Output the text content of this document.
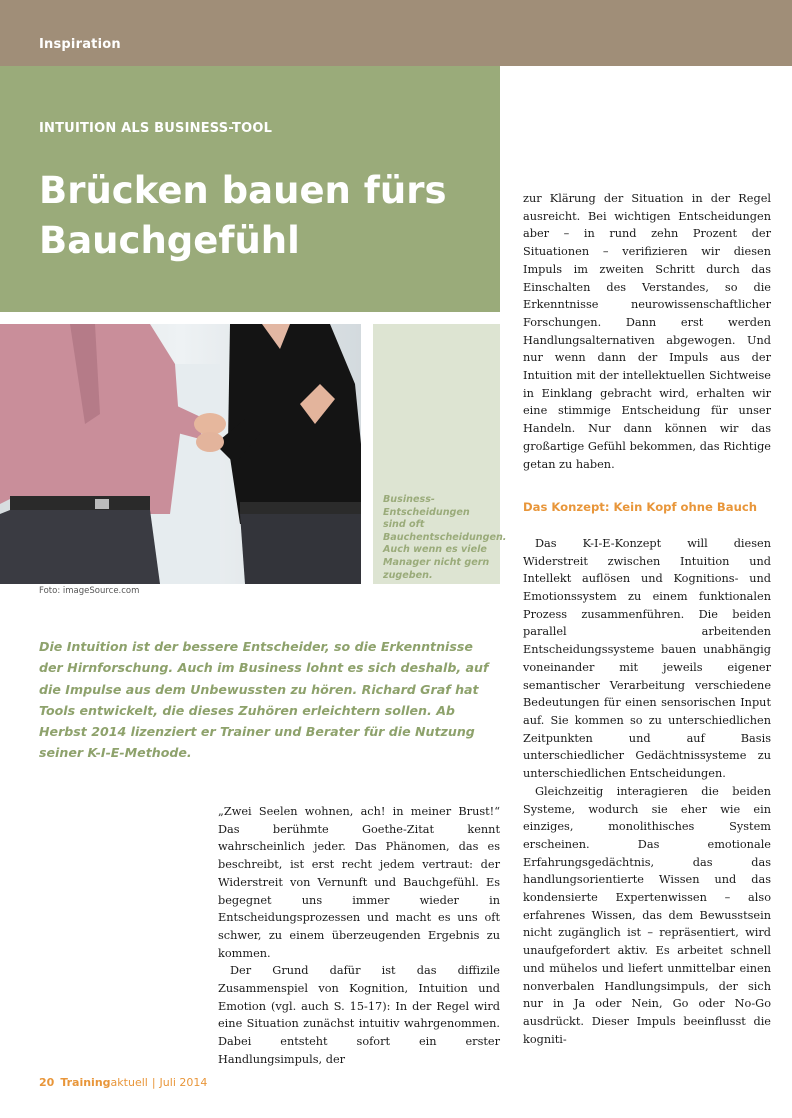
Inspiration
INTUITION ALS BUSINESS-TOOL
Brücken bauen fürs Bauchgefühl
Business-Entscheidungen sind oft Bauchentscheidungen. Auch wenn es viele Manager nicht gern zugeben.
Foto: imageSource.com

Die Intuition ist der bessere Entscheider, so die Erkenntnisse der Hirnforschung. Auch im Business lohnt es sich deshalb, auf die Impulse aus dem Unbewussten zu hören. Richard Graf hat Tools entwickelt, die dieses Zuhören erleichtern sollen. Ab Herbst 2014 lizenziert er Trainer und Berater für die Nutzung seiner K-I-E-Methode.

„Zwei Seelen wohnen, ach! in meiner Brust!“ Das berühmte Goethe-Zitat kennt wahrscheinlich jeder. Das Phänomen, das es beschreibt, ist erst recht jedem vertraut: der Widerstreit von Vernunft und Bauchgefühl. Es begegnet uns immer wieder in Entscheidungsprozessen und macht es uns oft schwer, zu einem überzeugenden Ergebnis zu kommen.

Der Grund dafür ist das diffizile Zusammenspiel von Kognition, Intuition und Emotion (vgl. auch S. 15-17): In der Regel wird eine Situation zunächst intuitiv wahrgenommen. Dabei entsteht sofort ein erster Handlungsimpuls, der

zur Klärung der Situation in der Regel ausreicht. Bei wichtigen Entscheidungen aber – in rund zehn Prozent der Situationen – verifizieren wir diesen Impuls im zweiten Schritt durch das Einschalten des Verstandes, so die Erkenntnisse neurowissenschaftlicher Forschungen. Dann erst werden Handlungsalternativen abgewogen. Und nur wenn dann der Impuls aus der Intuition mit der intellektuellen Sichtweise in Einklang gebracht wird, erhalten wir eine stimmige Entscheidung für unser Handeln. Nur dann können wir das großartige Gefühl bekommen, das Richtige getan zu haben.

Das Konzept: Kein Kopf ohne Bauch

Das K-I-E-Konzept will diesen Widerstreit zwischen Intuition und Intellekt auflösen und Kognitions- und Emotionssystem zu einem funktionalen Prozess zusammenführen. Die beiden parallel arbeitenden Entscheidungssysteme bauen unabhängig voneinander mit jeweils eigener semantischer Verarbeitung verschiedene Bedeutungen für einen sensorischen Input auf. Sie kommen so zu unterschiedlichen Zeitpunkten und auf Basis unterschiedlicher Gedächtnissysteme zu unterschiedlichen Entscheidungen.

Gleichzeitig interagieren die beiden Systeme, wodurch sie eher wie ein einziges, monolithisches System erscheinen. Das emotionale Erfahrungsgedächtnis, das das handlungsorientierte Wissen und das kondensierte Expertenwissen – also erfahrenes Wissen, das dem Bewusstsein nicht zugänglich ist – repräsentiert, wird unaufgefordert aktiv. Es arbeitet schnell und mühelos und liefert unmittelbar einen nonverbalen Handlungsimpuls, der sich nur in Ja oder Nein, Go oder No-Go ausdrückt. Dieser Impuls beeinflusst die kogniti-

20 Trainingaktuell | Juli 2014
